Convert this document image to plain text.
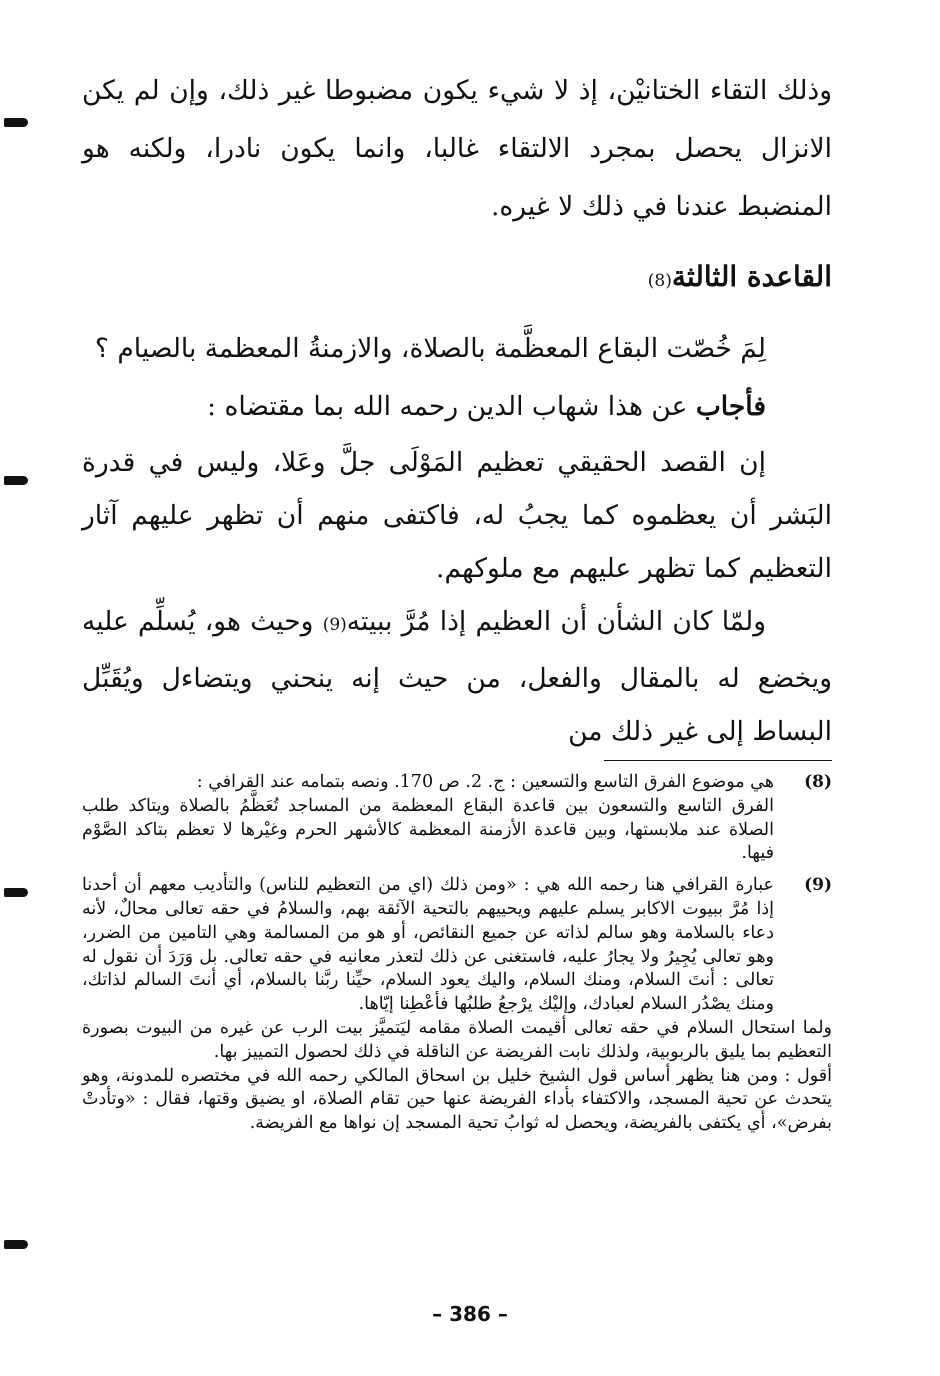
وذلك التقاء الختانيْن، إذ لا شيء يكون مضبوطا غير ذلك، وإن لم يكن الانزال يحصل بمجرد الالتقاء غالبا، وانما يكون نادرا، ولكنه هو المنضبط عندنا في ذلك لا غيره.

القاعدة الثالثة(8)

لِمَ خُصّت البقاع المعظَّمة بالصلاة، والازمنةُ المعظمة بالصيام ؟

فأجاب عن هذا شهاب الدين رحمه الله بما مقتضاه :

إن القصد الحقيقي تعظيم المَوْلَى جلَّ وعَلا، وليس في قدرة البَشر أن يعظموه كما يجبُ له، فاكتفى منهم أن تظهر عليهم آثار التعظيم كما تظهر عليهم مع ملوكهم.

ولمّا كان الشأن أن العظيم إذا مُرَّ ببيته(9) وحيث هو، يُسلِّم عليه ويخضع له بالمقال والفعل، من حيث إنه ينحني ويتضاءل ويُقَبِّل البساط إلى غير ذلك من

(8)

هي موضوع الفرق التاسع والتسعين : ج. 2. ص 170. ونصه بتمامه عند القرافي :

الفرق التاسع والتسعون بين قاعدة البقاع المعظمة من المساجد تُعَظَّمُ بالصلاة ويتاكد طلب الصلاة عند ملابستها، وبين قاعدة الأزمنة المعظمة كالأشهر الحرم وغيْرها لا تعظم بتاكد الصَّوْم فيها.

(9)

عبارة القرافي هنا رحمه الله هي : «ومن ذلك (اي من التعظيم للناس) والتأديب معهم أن أحدنا إذا مُرَّ ببيوت الاكابر يسلم عليهم ويحييهم بالتحية الآئقة بهم، والسلامُ في حقه تعالى محالٌ، لأنه دعاء بالسلامة وهو سالم لذاته عن جميع النقائص، أو هو من المسالمة وهي التامين من الضرر، وهو تعالى يُجِيرُ ولا يجارُ عليه، فاستغنى عن ذلك لتعذر معانيه في حقه تعالى. بل وَرَدَ أن نقول له تعالى : أنتَ السلام، ومنك السلام، واليك يعود السلام، حيِّنا ربَّنا بالسلام، أي أنتَ السالم لذاتك، ومنك يصْدُر السلام لعبادك، وإليْك يرْجعُ طلبُها فأعْطِنا إيّاها.

ولما استحال السلام في حقه تعالى أقيمت الصلاة مقامه ليَتميَّز بيت الرب عن غيره من البيوت بصورة التعظيم بما يليق بالربوبية، ولذلك نابت الفريضة عن الناقلة في ذلك لحصول التمييز بها.

أقول : ومن هنا يظهر أساس قول الشيخ خليل بن اسحاق المالكي رحمه الله في مختصره للمدونة، وهو يتحدث عن تحية المسجد، والاكتفاء بأداء الفريضة عنها حين تقام الصلاة، او يضيق وقتها، فقال : «وتأدتْ بفرض»، أي يكتفى بالفريضة، ويحصل له ثوابُ تحية المسجد إن نواها مع الفريضة.

– 386 –
